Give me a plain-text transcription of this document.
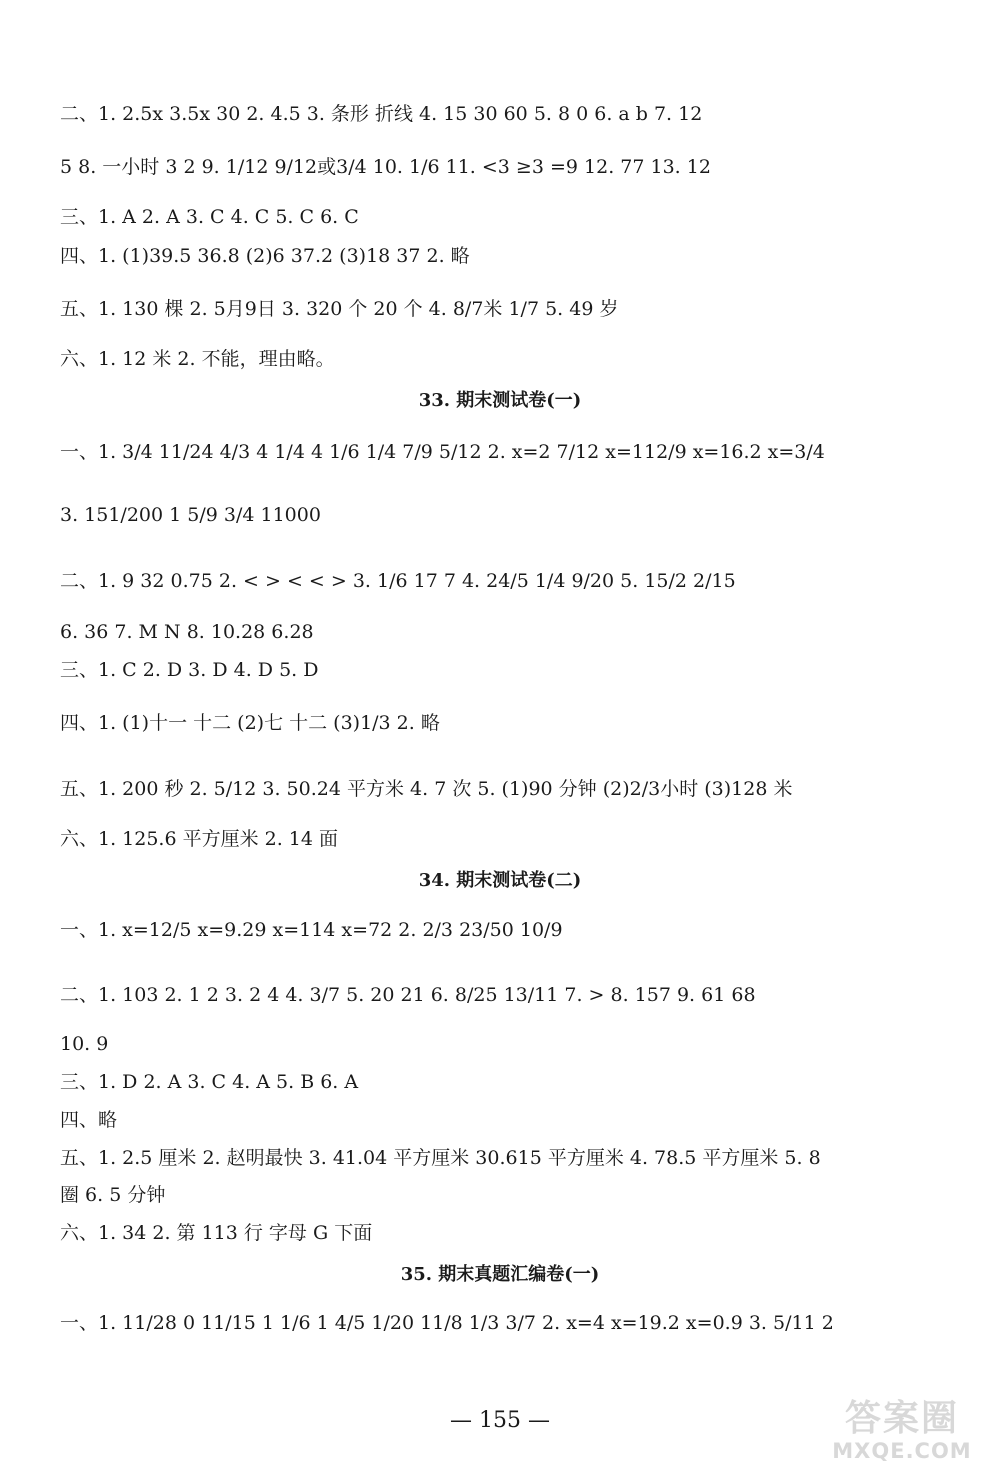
二、1. 2.5x 3.5x 30 2. 4.5 3. 条形 折线 4. 15 30 60 5. 8 0 6. a b 7. 12
5 8. 一小时 3 2 9. 1/12 9/12或3/4 10. 1/6 11. <3 ≥3 =9 12. 77 13. 12
三、1. A 2. A 3. C 4. C 5. C 6. C
四、1. (1)39.5 36.8 (2)6 37.2 (3)18 37 2. 略
五、1. 130 棵 2. 5月9日 3. 320 个 20 个 4. 8/7米 1/7 5. 49 岁
六、1. 12 米 2. 不能，理由略。
33. 期末测试卷(一)
一、1. 3/4 11/24 4/3 4 1/4 4 1/6 1/4 7/9 5/12 2. x=2 7/12 x=112/9 x=16.2 x=3/4
3. 151/200 1 5/9 3/4 11000
二、1. 9 32 0.75 2. < > < < > 3. 1/6 17 7 4. 24/5 1/4 9/20 5. 15/2 2/15
6. 36 7. M N 8. 10.28 6.28
三、1. C 2. D 3. D 4. D 5. D
四、1. (1)十一 十二 (2)七 十二 (3)1/3 2. 略
五、1. 200 秒 2. 5/12 3. 50.24 平方米 4. 7 次 5. (1)90 分钟 (2)2/3小时 (3)128 米
六、1. 125.6 平方厘米 2. 14 面
34. 期末测试卷(二)
一、1. x=12/5 x=9.29 x=114 x=72 2. 2/3 23/50 10/9
二、1. 103 2. 1 2 3. 2 4 4. 3/7 5. 20 21 6. 8/25 13/11 7. > 8. 157 9. 61 68
10. 9
三、1. D 2. A 3. C 4. A 5. B 6. A
四、略
五、1. 2.5 厘米 2. 赵明最快 3. 41.04 平方厘米 30.615 平方厘米 4. 78.5 平方厘米 5. 8
圈 6. 5 分钟
六、1. 34 2. 第 113 行 字母 G 下面
35. 期末真题汇编卷(一)
一、1. 11/28 0 11/15 1 1/6 1 4/5 1/20 11/8 1/3 3/7 2. x=4 x=19.2 x=0.9 3. 5/11 2
— 155 —	答案圈
MXQE.COM
